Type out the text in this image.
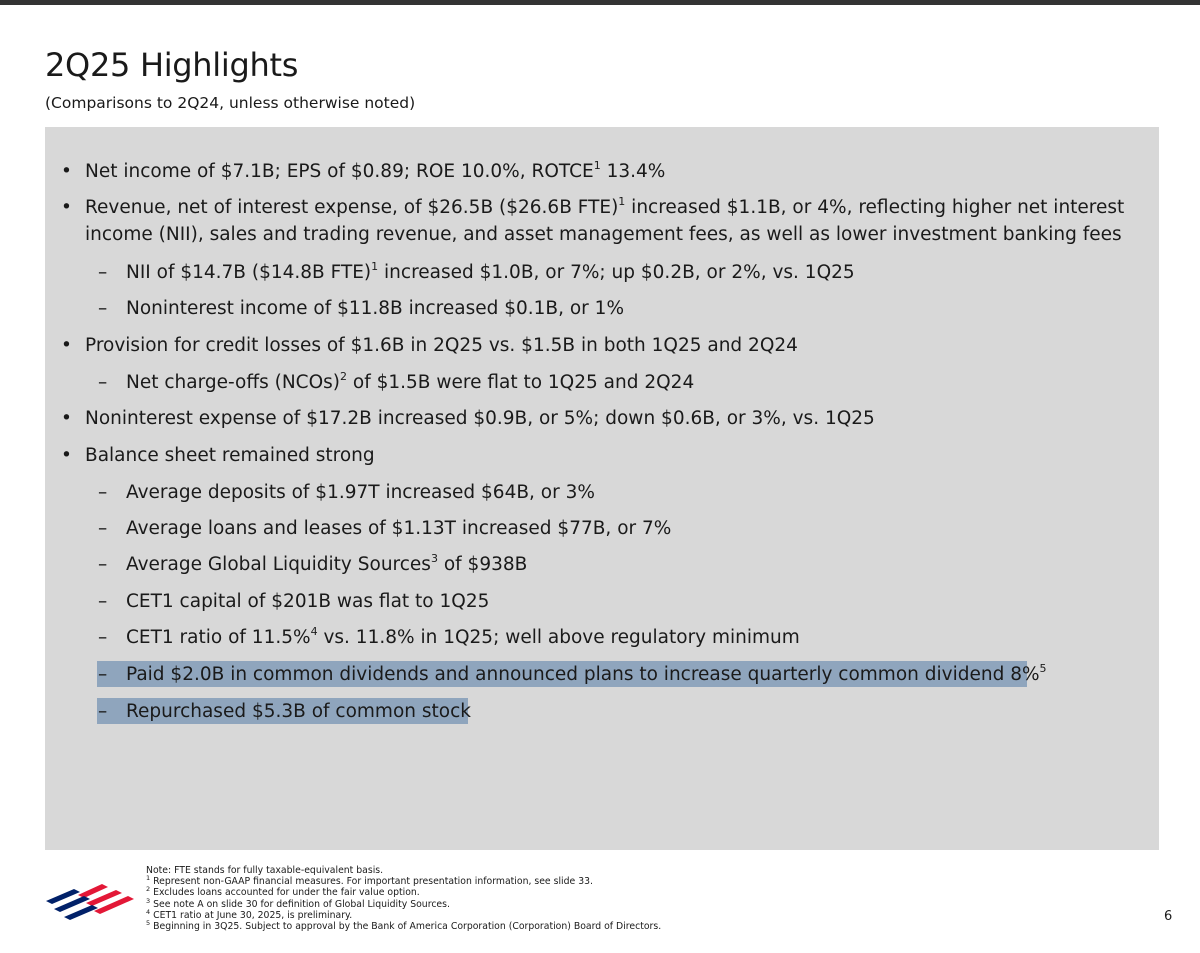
2Q25 Highlights
(Comparisons to 2Q24, unless otherwise noted)
• Net income of $7.1B; EPS of $0.89; ROE 10.0%, ROTCE$^1$ 13.4%
• Revenue, net of interest expense, of $26.5B ($26.6B FTE)$^1$ increased $1.1B, or 4%, reflecting higher net interest income (NII), sales and trading revenue, and asset management fees, as well as lower investment banking fees
– NII of $14.7B ($14.8B FTE)$^1$ increased $1.0B, or 7%; up $0.2B, or 2%, vs. 1Q25
– Noninterest income of $11.8B increased $0.1B, or 1%
• Provision for credit losses of $1.6B in 2Q25 vs. $1.5B in both 1Q25 and 2Q24
– Net charge-offs (NCOs)$^2$ of $1.5B were flat to 1Q25 and 2Q24
• Noninterest expense of $17.2B increased $0.9B, or 5%; down $0.6B, or 3%, vs. 1Q25
• Balance sheet remained strong
– Average deposits of $1.97T increased $64B, or 3%
– Average loans and leases of $1.13T increased $77B, or 7%
– Average Global Liquidity Sources$^3$ of $938B
– CET1 capital of $201B was flat to 1Q25
– CET1 ratio of 11.5%$^4$ vs. 11.8% in 1Q25; well above regulatory minimum
– Paid $2.0B in common dividends and announced plans to increase quarterly common dividend 8%$^5$
– Repurchased $5.3B of common stock
Note: FTE stands for fully taxable-equivalent basis.
$^1$ Represent non-GAAP financial measures. For important presentation information, see slide 33.
$^2$ Excludes loans accounted for under the fair value option.
$^3$ See note A on slide 30 for definition of Global Liquidity Sources.
$^4$ CET1 ratio at June 30, 2025, is preliminary.
$^5$ Beginning in 3Q25. Subject to approval by the Bank of America Corporation (Corporation) Board of Directors.
6
